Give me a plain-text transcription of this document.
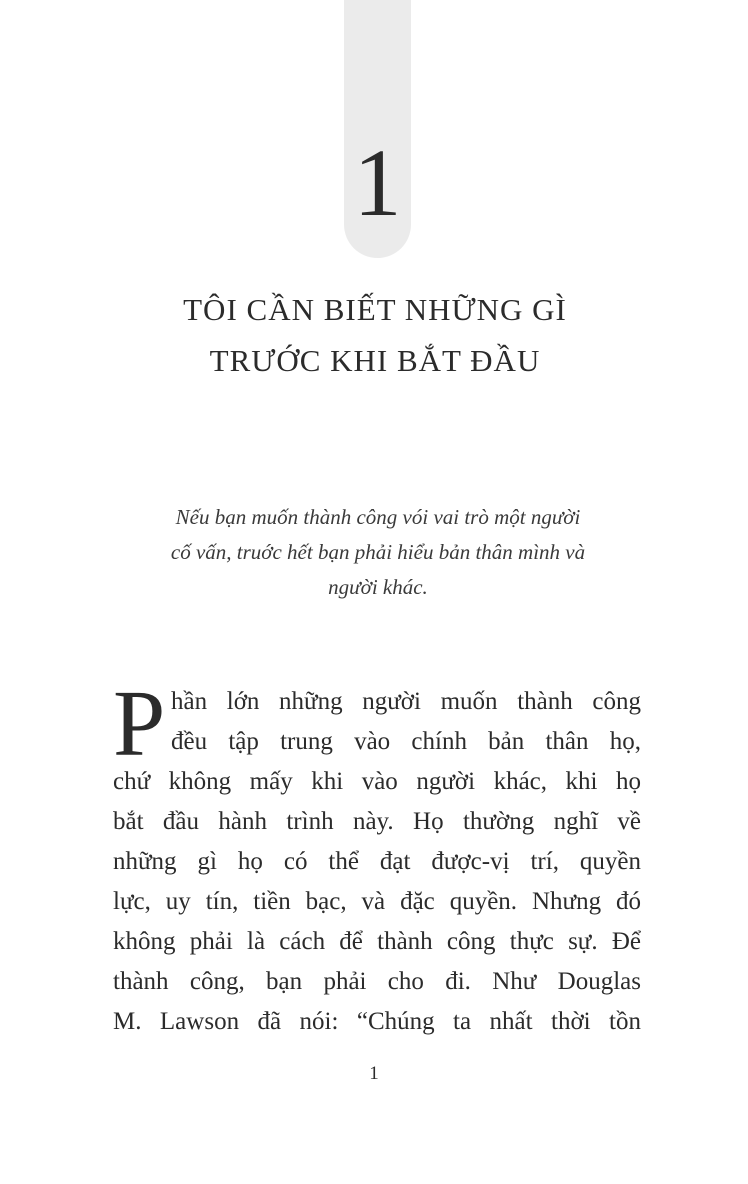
1
TÔI CẦN BIẾT NHỮNG GÌ
TRƯỚC KHI BẮT ĐẦU
Nếu bạn muốn thành công vói vai trò một người
cố vấn, truớc hết bạn phải hiểu bản thân mình và
người khác.
P hần lớn những người muốn thành công
đều tập trung vào chính bản thân họ,
chứ không mấy khi vào người khác, khi họ
bắt đầu hành trình này. Họ thường nghĩ về
những gì họ có thể đạt được-vị trí, quyền
lực, uy tín, tiền bạc, và đặc quyền. Nhưng đó
không phải là cách để thành công thực sự. Để
thành công, bạn phải cho đi. Như Douglas
M. Lawson đã nói: “Chúng ta nhất thời tồn
1
